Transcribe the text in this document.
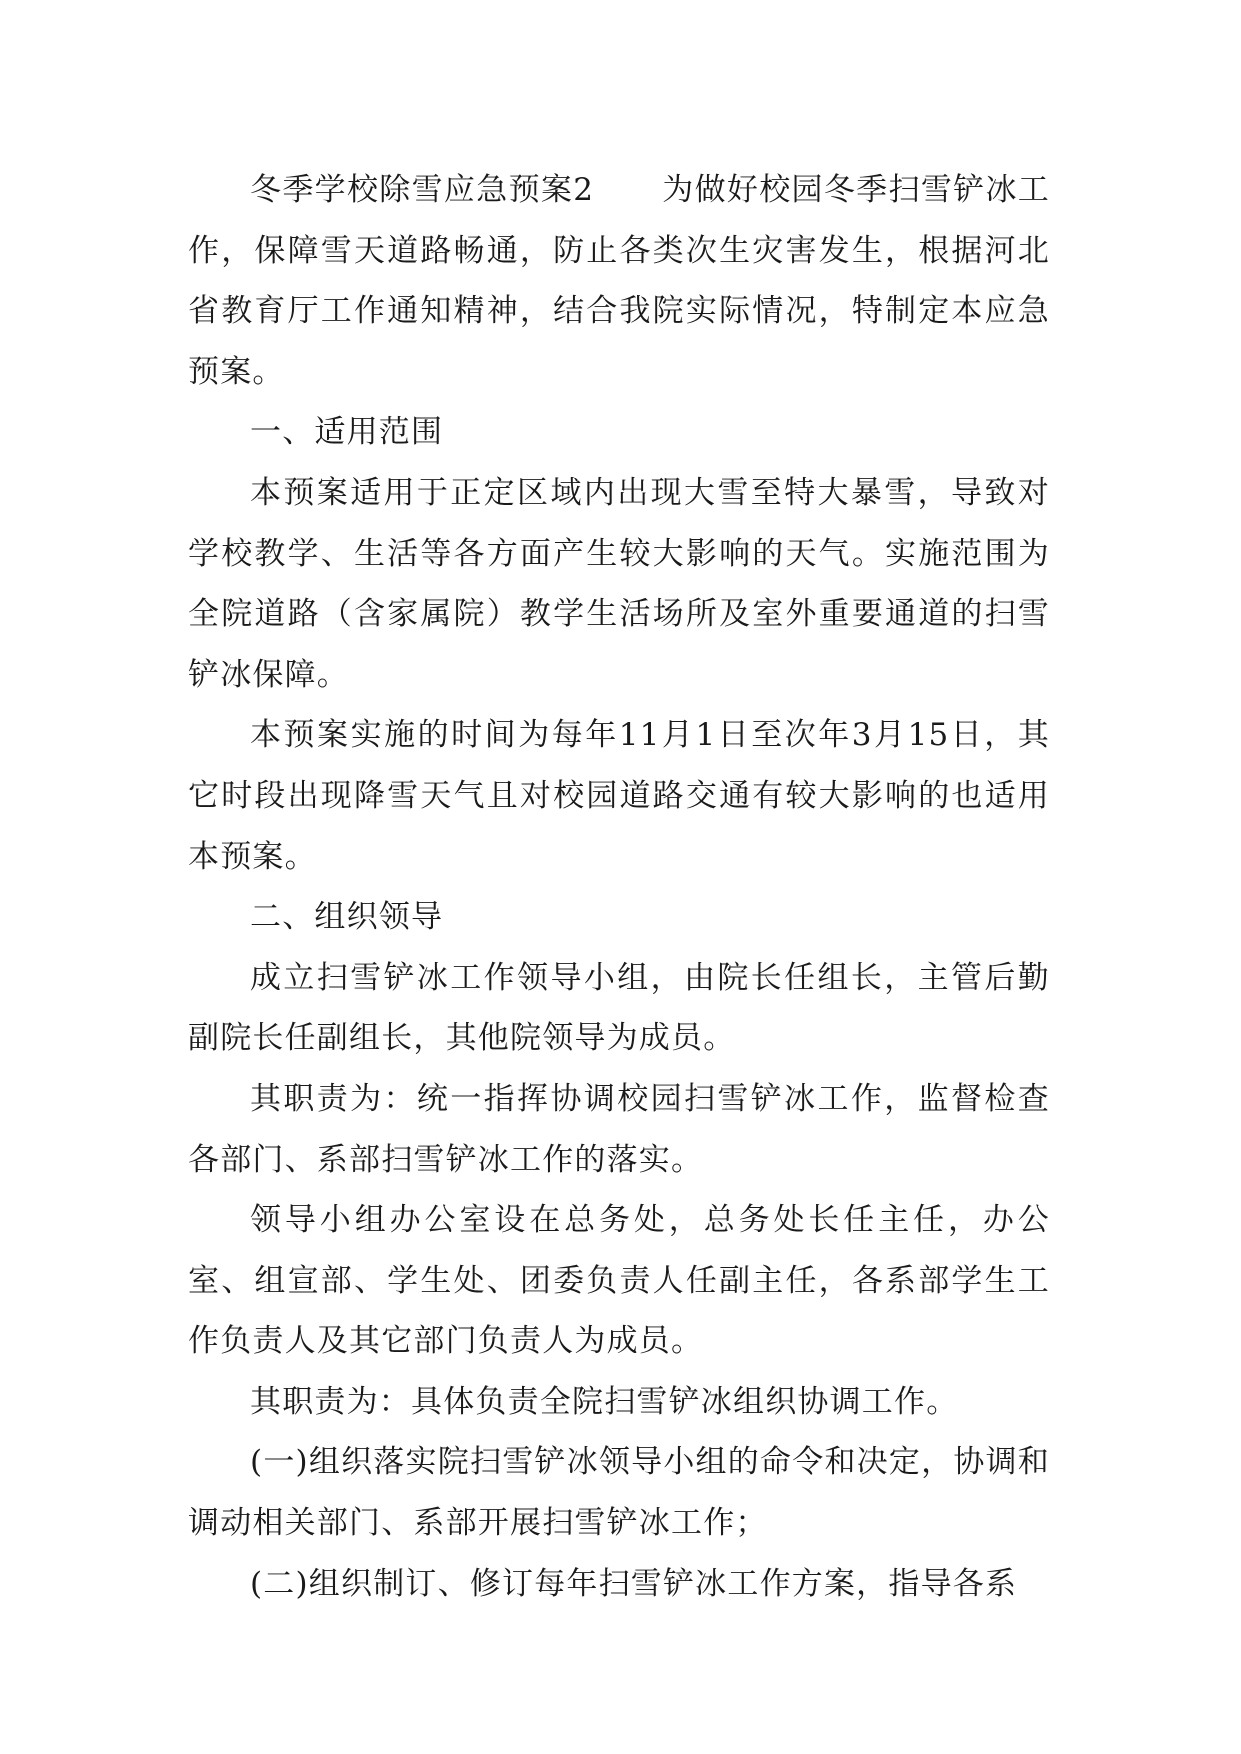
冬季学校除雪应急预案2 为做好校园冬季扫雪铲冰工作，保障雪天道路畅通，防止各类次生灾害发生，根据河北省教育厅工作通知精神，结合我院实际情况，特制定本应急预案。

一、适用范围

本预案适用于正定区域内出现大雪至特大暴雪，导致对学校教学、生活等各方面产生较大影响的天气。实施范围为全院道路（含家属院）教学生活场所及室外重要通道的扫雪铲冰保障。

本预案实施的时间为每年11月1日至次年3月15日，其它时段出现降雪天气且对校园道路交通有较大影响的也适用本预案。

二、组织领导

成立扫雪铲冰工作领导小组，由院长任组长，主管后勤副院长任副组长，其他院领导为成员。

其职责为：统一指挥协调校园扫雪铲冰工作，监督检查各部门、系部扫雪铲冰工作的落实。

领导小组办公室设在总务处，总务处长任主任，办公室、组宣部、学生处、团委负责人任副主任，各系部学生工作负责人及其它部门负责人为成员。

其职责为：具体负责全院扫雪铲冰组织协调工作。

(一)组织落实院扫雪铲冰领导小组的命令和决定，协调和调动相关部门、系部开展扫雪铲冰工作；

(二)组织制订、修订每年扫雪铲冰工作方案，指导各系
